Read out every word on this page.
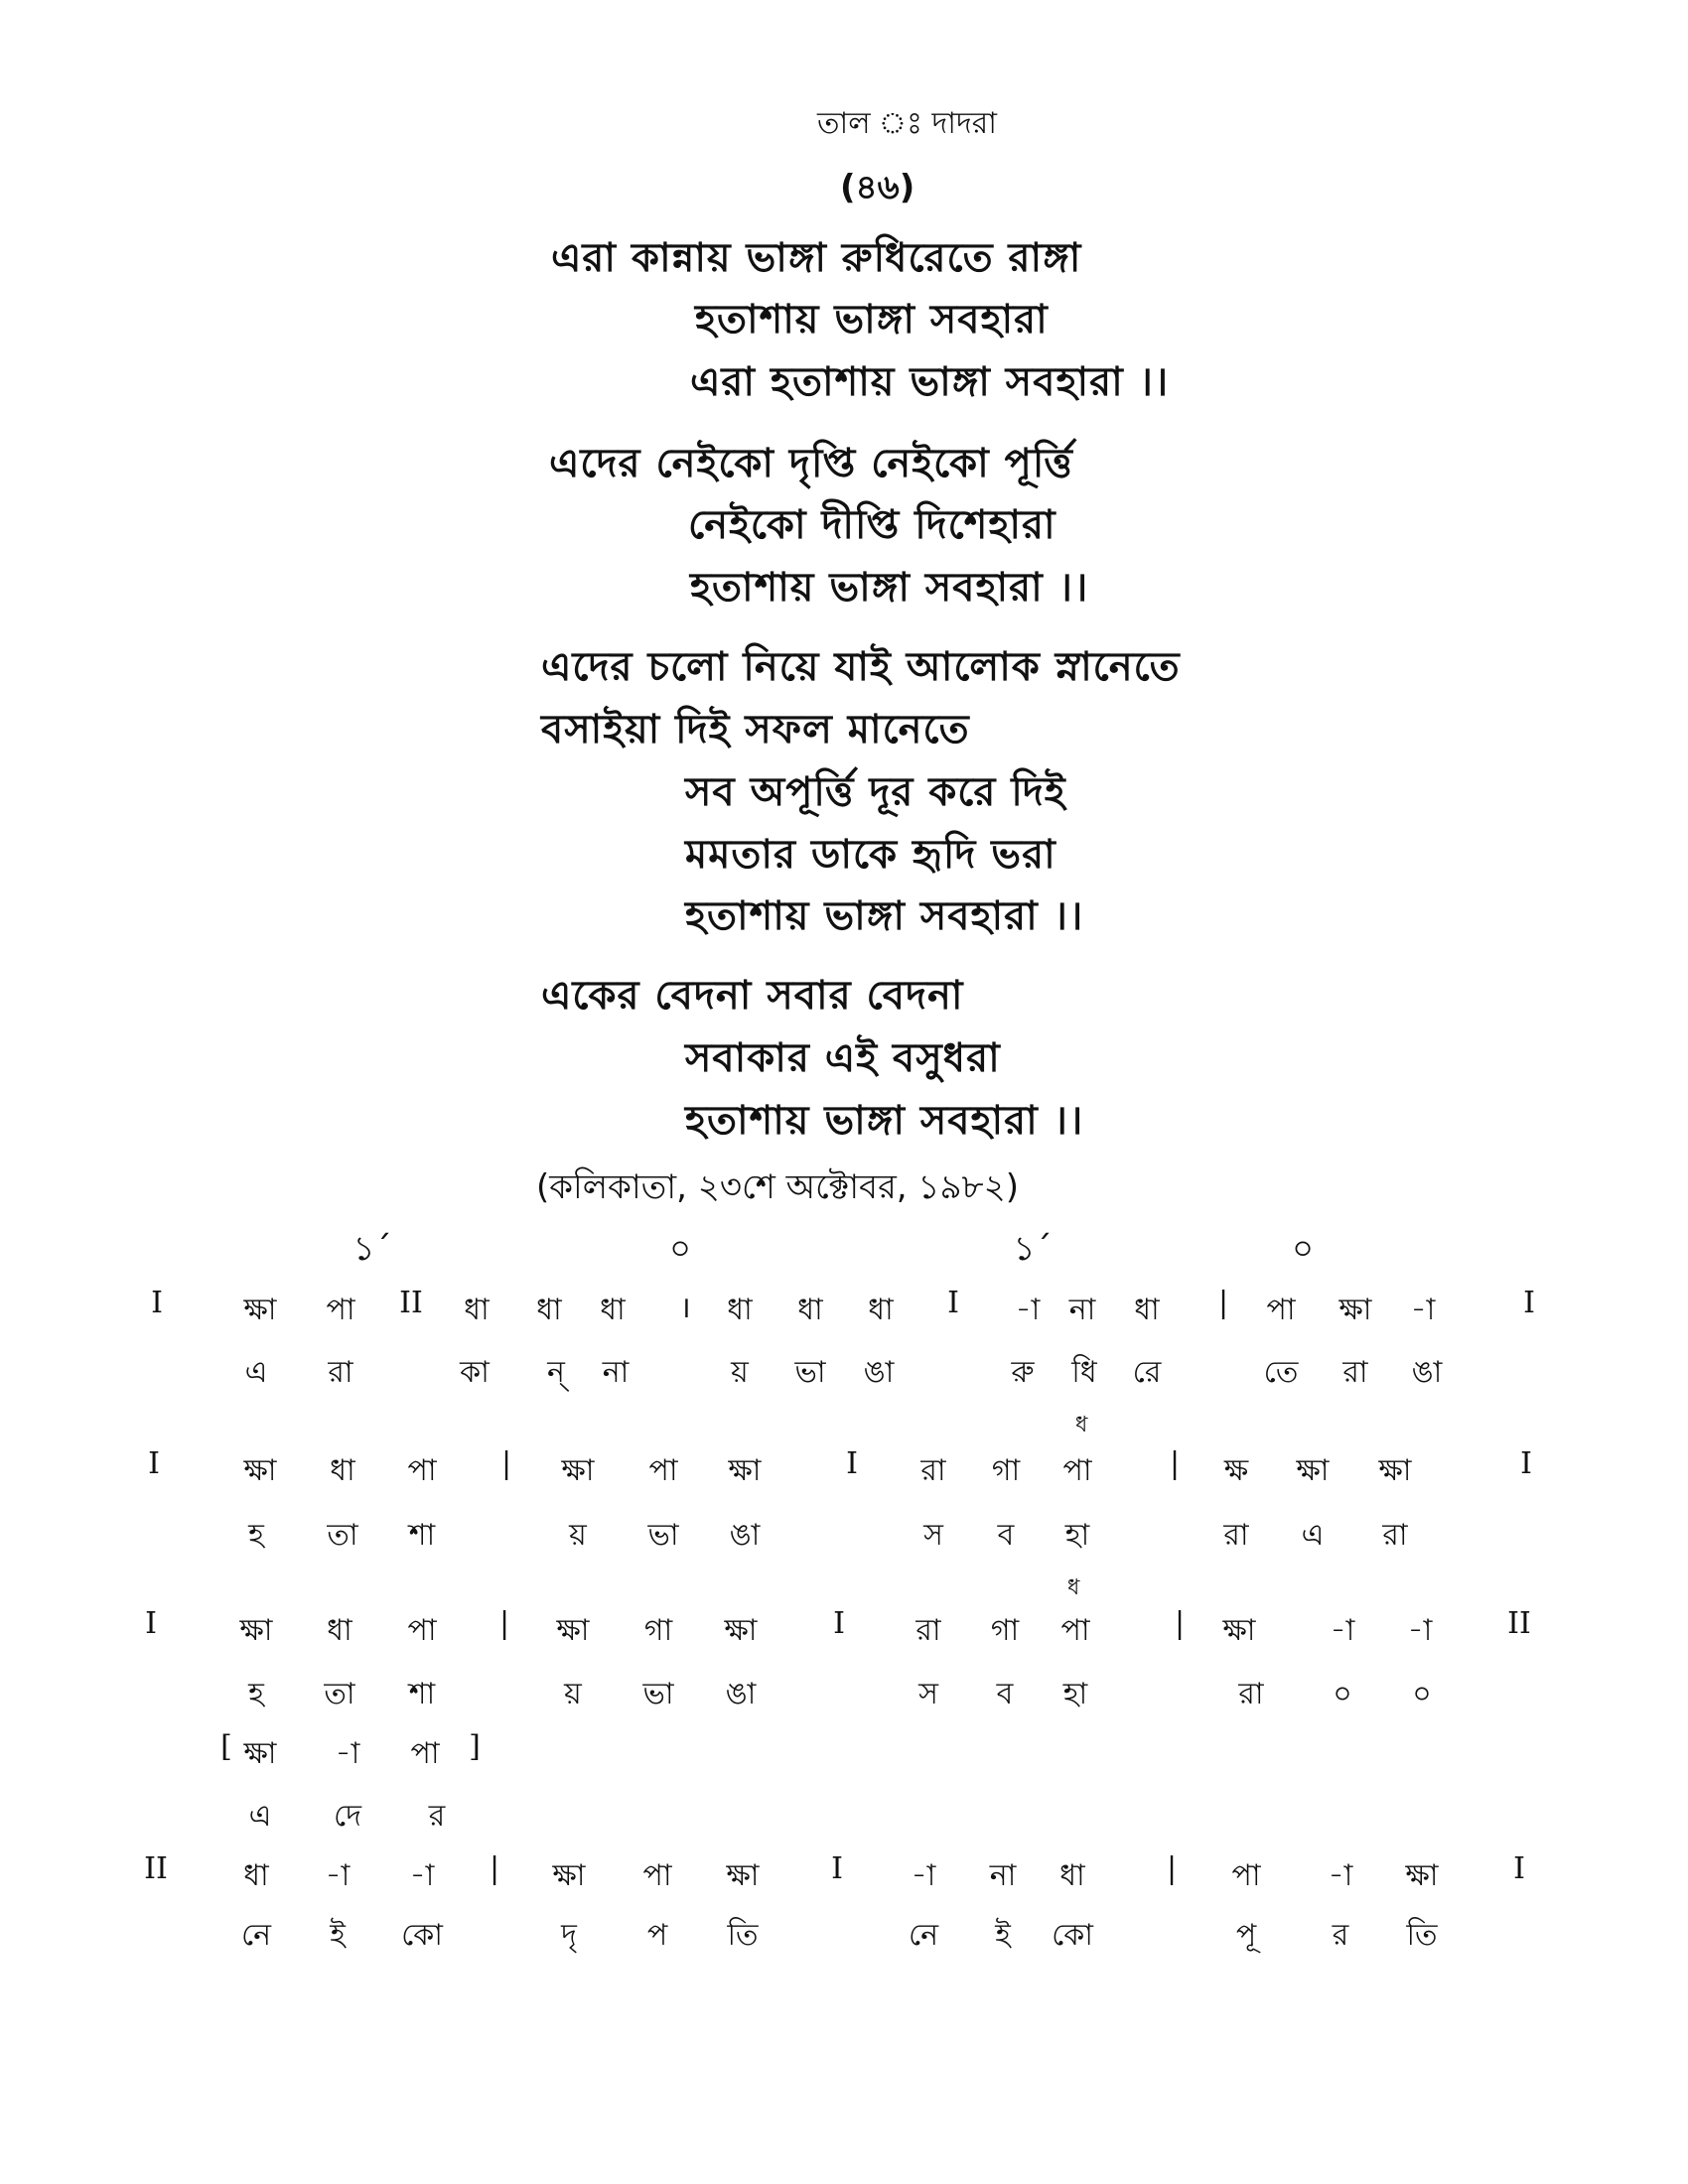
তাল ঃ দাদরা
(৪৬)
এরা কান্নায় ভাঙ্গা রুধিরেতে রাঙ্গা
হতাশায় ভাঙ্গা সবহারা
এরা হতাশায় ভাঙ্গা সবহারা ।।
এদের নেইকো দৃপ্তি নেইকো পূর্ত্তি
নেইকো দীপ্তি দিশেহারা
হতাশায় ভাঙ্গা সবহারা ।।
এদের চলো নিয়ে যাই আলোক স্নানেতে
বসাইয়া দিই সফল মানেতে
সব অপূর্ত্তি দূর করে দিই
মমতার ডাকে হৃদি ভরা
হতাশায় ভাঙ্গা সবহারা ।।
একের বেদনা সবার বেদনা
সবাকার এই বসুধরা
হতাশায় ভাঙ্গা সবহারা ।।
(কলিকাতা, ২৩শে অক্টোবর, ১৯৮২)
১´	০	১´	০
I	ক্ষা পা II ধা ধা ধা । ধা ধা ধা I -া না ধা | পা ক্ষা -া	I
এ রা	কা ন্ না	য় ভা ঙা	রু ধি রে	তে রা ঙা
ধ
I	ক্ষা ধা পা | ক্ষা পা ক্ষা	I রা গা পা	| ক্ষ ক্ষা ক্ষা	I
হ তা শা	য় ভা ঙা	স ব হা	রা এ রা
ধ
I	ক্ষা ধা পা | ক্ষা গা ক্ষা	I রা গা পা	| ক্ষা	-া -া	II
হ তা শা	য় ভা ঙা	স ব হা	রা ০ ০
[ ক্ষা -া পা ]
এ দে র
II	ধা -া -া | ক্ষা পা ক্ষা I -া না ধা	| পা -া ক্ষা	I
নে ই কো	দৃ প তি	নে ই কো	পূ	র তি
